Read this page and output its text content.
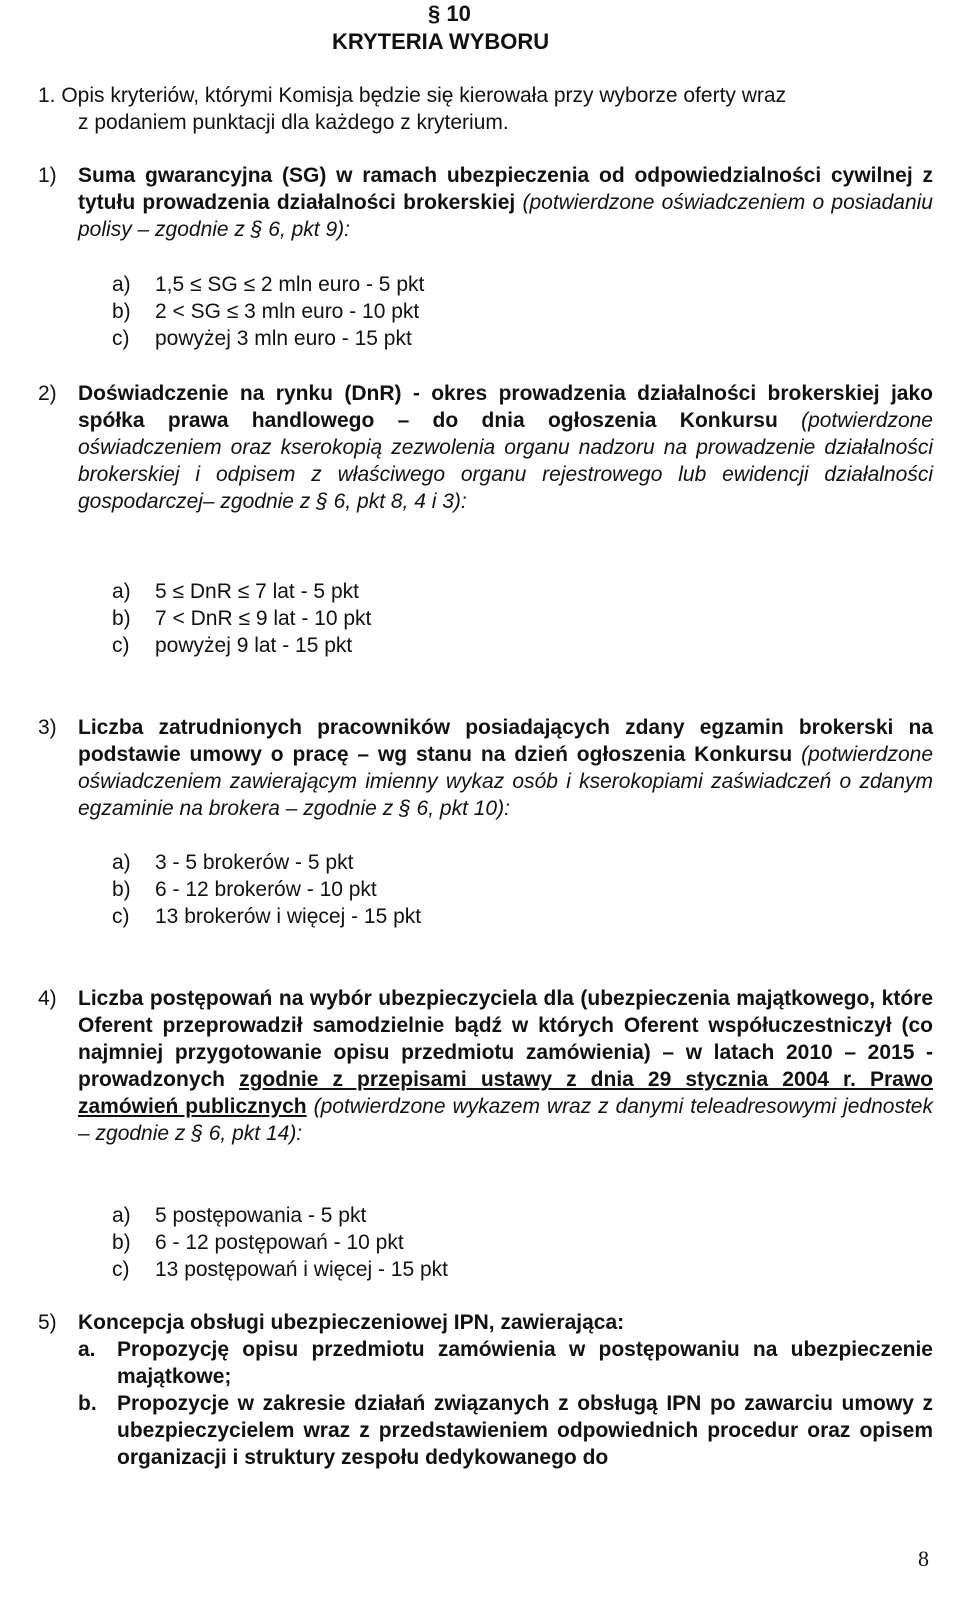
§ 10
KRYTERIA WYBORU
1. Opis kryteriów, którymi Komisja będzie się kierowała przy wyborze oferty wraz
z podaniem punktacji dla każdego z kryterium.
1) Suma gwarancyjna (SG) w ramach ubezpieczenia od odpowiedzialności cywilnej z tytułu prowadzenia działalności brokerskiej (potwierdzone oświadczeniem o posiadaniu polisy – zgodnie z § 6, pkt 9):
a) 1,5 ≤ SG ≤ 2 mln euro - 5 pkt
b) 2 < SG ≤ 3 mln euro - 10 pkt
c) powyżej 3 mln euro - 15 pkt
2) Doświadczenie na rynku (DnR) - okres prowadzenia działalności brokerskiej jako spółka prawa handlowego – do dnia ogłoszenia Konkursu (potwierdzone oświadczeniem oraz kserokopią zezwolenia organu nadzoru na prowadzenie działalności brokerskiej i odpisem z właściwego organu rejestrowego lub ewidencji działalności gospodarczej– zgodnie z § 6, pkt 8, 4 i 3):
a) 5 ≤ DnR ≤ 7 lat - 5 pkt
b) 7 < DnR ≤ 9 lat - 10 pkt
c) powyżej 9 lat - 15 pkt
3) Liczba zatrudnionych pracowników posiadających zdany egzamin brokerski na podstawie umowy o pracę – wg stanu na dzień ogłoszenia Konkursu (potwierdzone oświadczeniem zawierającym imienny wykaz osób i kserokopiami zaświadczeń o zdanym egzaminie na brokera – zgodnie z § 6, pkt 10):
a) 3 - 5 brokerów - 5 pkt
b) 6 - 12 brokerów - 10 pkt
c) 13 brokerów i więcej - 15 pkt
4) Liczba postępowań na wybór ubezpieczyciela dla (ubezpieczenia majątkowego, które Oferent przeprowadził samodzielnie bądź w których Oferent współuczestniczył (co najmniej przygotowanie opisu przedmiotu zamówienia) – w latach 2010 – 2015 - prowadzonych zgodnie z przepisami ustawy z dnia 29 stycznia 2004 r. Prawo zamówień publicznych (potwierdzone wykazem wraz z danymi teleadresowymi jednostek – zgodnie z § 6, pkt 14):
a) 5 postępowania - 5 pkt
b) 6 - 12 postępowań - 10 pkt
c) 13 postępowań i więcej - 15 pkt
5) Koncepcja obsługi ubezpieczeniowej IPN, zawierająca:
a. Propozycję opisu przedmiotu zamówienia w postępowaniu na ubezpieczenie majątkowe;
b. Propozycje w zakresie działań związanych z obsługą IPN po zawarciu umowy z ubezpieczycielem wraz z przedstawieniem odpowiednich procedur oraz opisem organizacji i struktury zespołu dedykowanego do
8
